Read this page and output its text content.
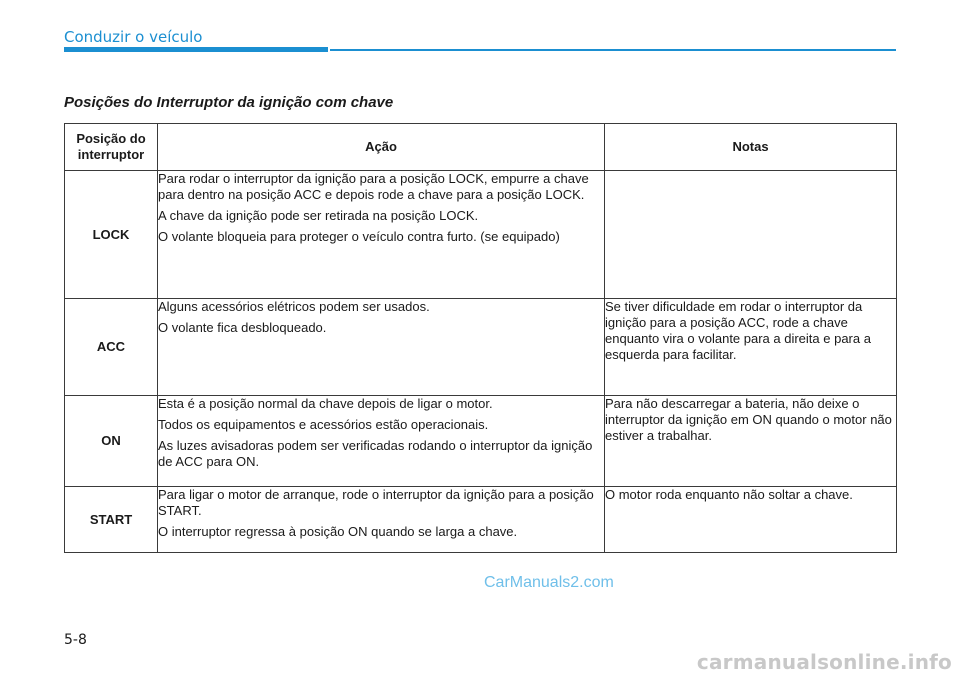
Conduzir o veículo
Posições do Interruptor da ignição com chave
Posição do interruptor	Ação	Notas
LOCK	Para rodar o interruptor da ignição para a posição LOCK, empurre a chave para dentro na posição ACC e depois rode a chave para a posição LOCK.

A chave da ignição pode ser retirada na posição LOCK.

O volante bloqueia para proteger o veículo contra furto. (se equipado)	

ACC	Alguns acessórios elétricos podem ser usados.

O volante fica desbloqueado.	Se tiver dificuldade em rodar o interruptor da ignição para a posição ACC, rode a chave enquanto vira o volante para a direita e para a esquerda para facilitar.

ON	Esta é a posição normal da chave depois de ligar o motor.

Todos os equipamentos e acessórios estão operacionais.

As luzes avisadoras podem ser verificadas rodando o interruptor da ignição de ACC para ON.	Para não descarregar a bateria, não deixe o interruptor da ignição em ON quando o motor não estiver a trabalhar.

START	Para ligar o motor de arranque, rode o interruptor da ignição para a posição START.

O interruptor regressa à posição ON quando se larga a chave.	O motor roda enquanto não soltar a chave.

CarManuals2.com
5-8
carmanualsonline.info
